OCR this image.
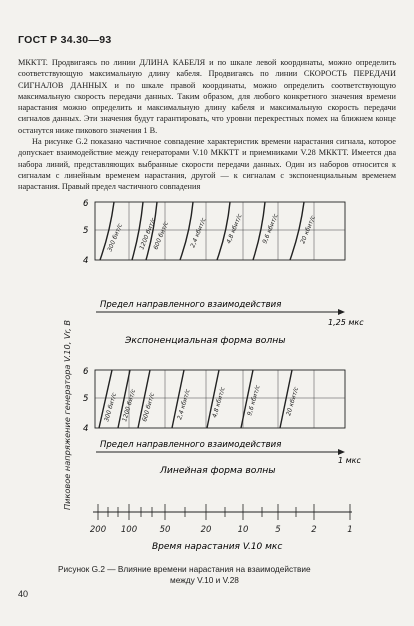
ГОСТ Р 34.30—93

МККТТ. Продвигаясь по линии ДЛИНА КАБЕЛЯ и по шкале левой координаты, можно определить соответствующую максимальную длину кабеля. Продвигаясь по линии СКОРОСТЬ ПЕРЕДАЧИ СИГНАЛОВ ДАННЫХ и по шкале правой координаты, можно определить соответствующую максимальную скорость передачи данных. Таким образом, для любого конкретного значения времени нарастания можно определить и максимальную длину кабеля и максимальную скорость передачи сигналов данных. Эти значения будут гарантировать, что уровни перекрестных помех на ближнем конце останутся ниже пикового значения 1 В.

На рисунке G.2 показано частичное совпадение характеристик времени нарастания сигнала, которое допускает взаимодействие между генераторами V.10 МККТТ и приемниками V.28 МККТТ. Имеется два набора линий, представляющих выбранные скорости передачи данных. Один из наборов относится к сигналам с линейным временем нарастания, другой — к сигналам с экспоненциальным временем нарастания. Правый предел частичного совпадения

Пиковое напряжение генератора V.10, Vr, В
6
5
4
300 бит/с 1200 бит/с
600 бит/с	2,4 кбит/с	4,8 кбит/с	9,6 кбит/с	20 кбит/с
Предел направленного взаимодействия
1,25 мкс
Экспоненциальная форма волны
6
5
4
300 бит/с 1200 бит/с 600 бит/с	2,4 кбит/с	4,8 кбит/с	9,6 кбит/с	20 кбит/с
Предел направленного взаимодействия
1 мкс
Линейная форма волны
200 100	50	20	10	5	2	1
Время нарастания V.10 мкс
Рисунок G.2 — Влияние времени нарастания на взаимодействие
между V.10 и V.28
40
